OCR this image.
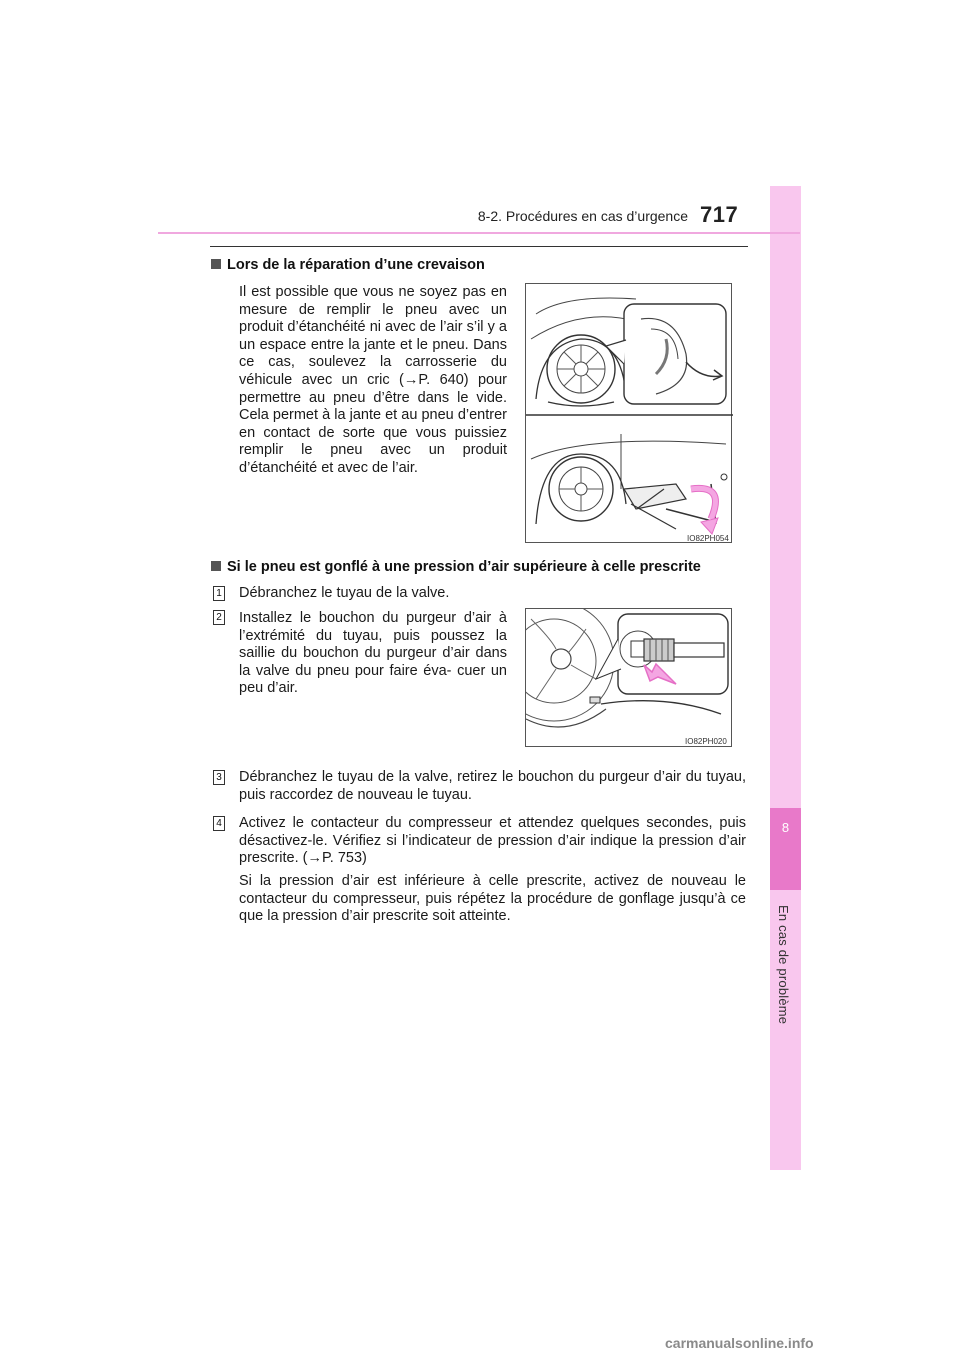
8
En cas de problème
8-2. Procédures en cas d’urgence 717
Lors de la réparation d’une crevaison
Il est possible que vous ne soyez pas en mesure de remplir le pneu avec un produit d’étanchéité ni avec de l’air s’il y a un espace entre la jante et le pneu. Dans ce cas, soulevez la carrosserie du véhicule avec un cric (→P. 640) pour permettre au pneu d’être dans le vide. Cela permet à la jante et au pneu d’entrer en contact de sorte que vous puissiez remplir le pneu avec un produit d’étanchéité et avec de l’air.
IO82PH054
Si le pneu est gonflé à une pression d’air supérieure à celle prescrite
1 Débranchez le tuyau de la valve.
2 Installez le bouchon du purgeur d’air à l’extrémité du tuyau, puis poussez la saillie du bouchon du purgeur d’air dans la valve du pneu pour faire éva- cuer un peu d’air.
IO82PH020
3 Débranchez le tuyau de la valve, retirez le bouchon du purgeur d’air du tuyau, puis raccordez de nouveau le tuyau.
4 Activez le contacteur du compresseur et attendez quelques secondes, puis désactivez-le. Vérifiez si l’indicateur de pression d’air indique la pression d’air prescrite. (→P. 753)
Si la pression d’air est inférieure à celle prescrite, activez de nouveau le contacteur du compresseur, puis répétez la procédure de gonflage jusqu’à ce que la pression d’air prescrite soit atteinte.
carmanualsonline.info
